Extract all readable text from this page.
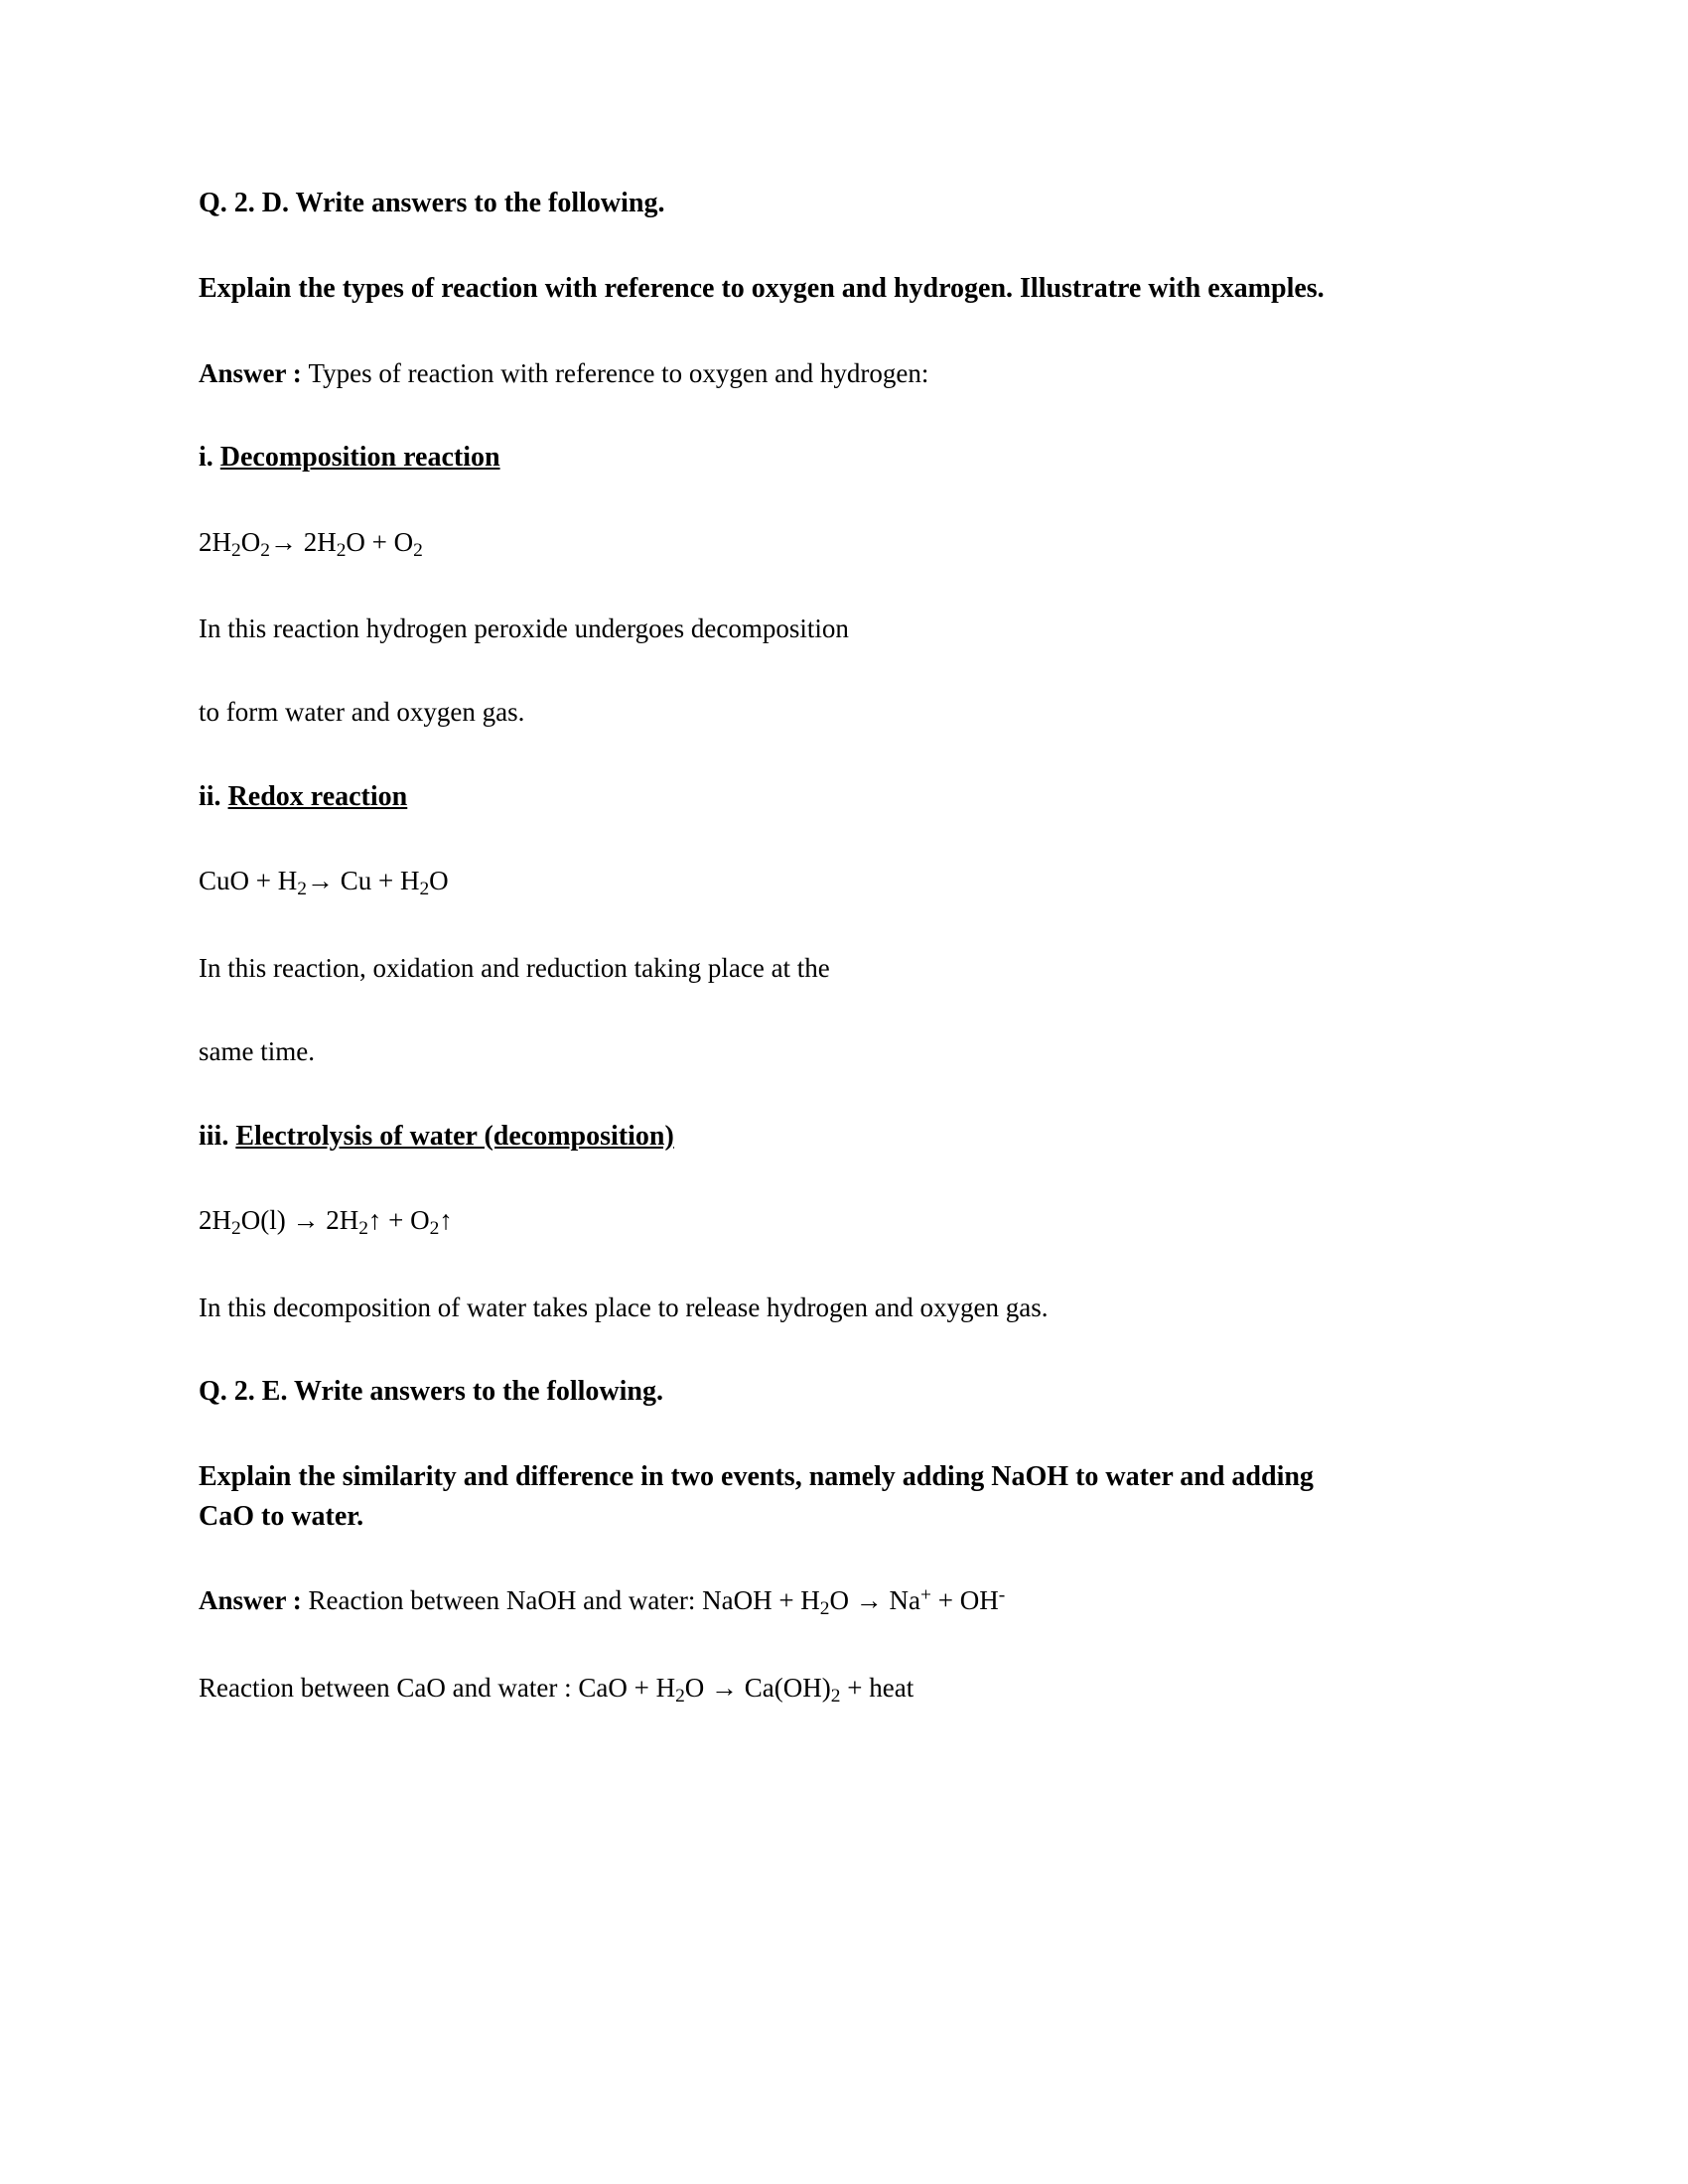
Q. 2. D. Write answers to the following.

Explain the types of reaction with reference to oxygen and hydrogen. Illustratre with examples.

Answer : Types of reaction with reference to oxygen and hydrogen:

i. Decomposition reaction

$2H_2O_2\to 2H_2O + O_2$

In this reaction hydrogen peroxide undergoes decomposition

to form water and oxygen gas.

ii. Redox reaction

CuO + $H_2\to Cu + H_2O$

In this reaction, oxidation and reduction taking place at the

same time.

iii. Electrolysis of water (decomposition)

$2H_2O(l)$ → $2H_2↑$ + $O_2↑$

In this decomposition of water takes place to release hydrogen and oxygen gas.

Q. 2. E. Write answers to the following.

Explain the similarity and difference in two events, namely adding NaOH to water and adding CaO to water.

Answer : Reaction between NaOH and water: NaOH + $H_2O \to Na^+ + OH^-$

Reaction between CaO and water : CaO + $H_2O \to Ca(OH)_2$ + heat
